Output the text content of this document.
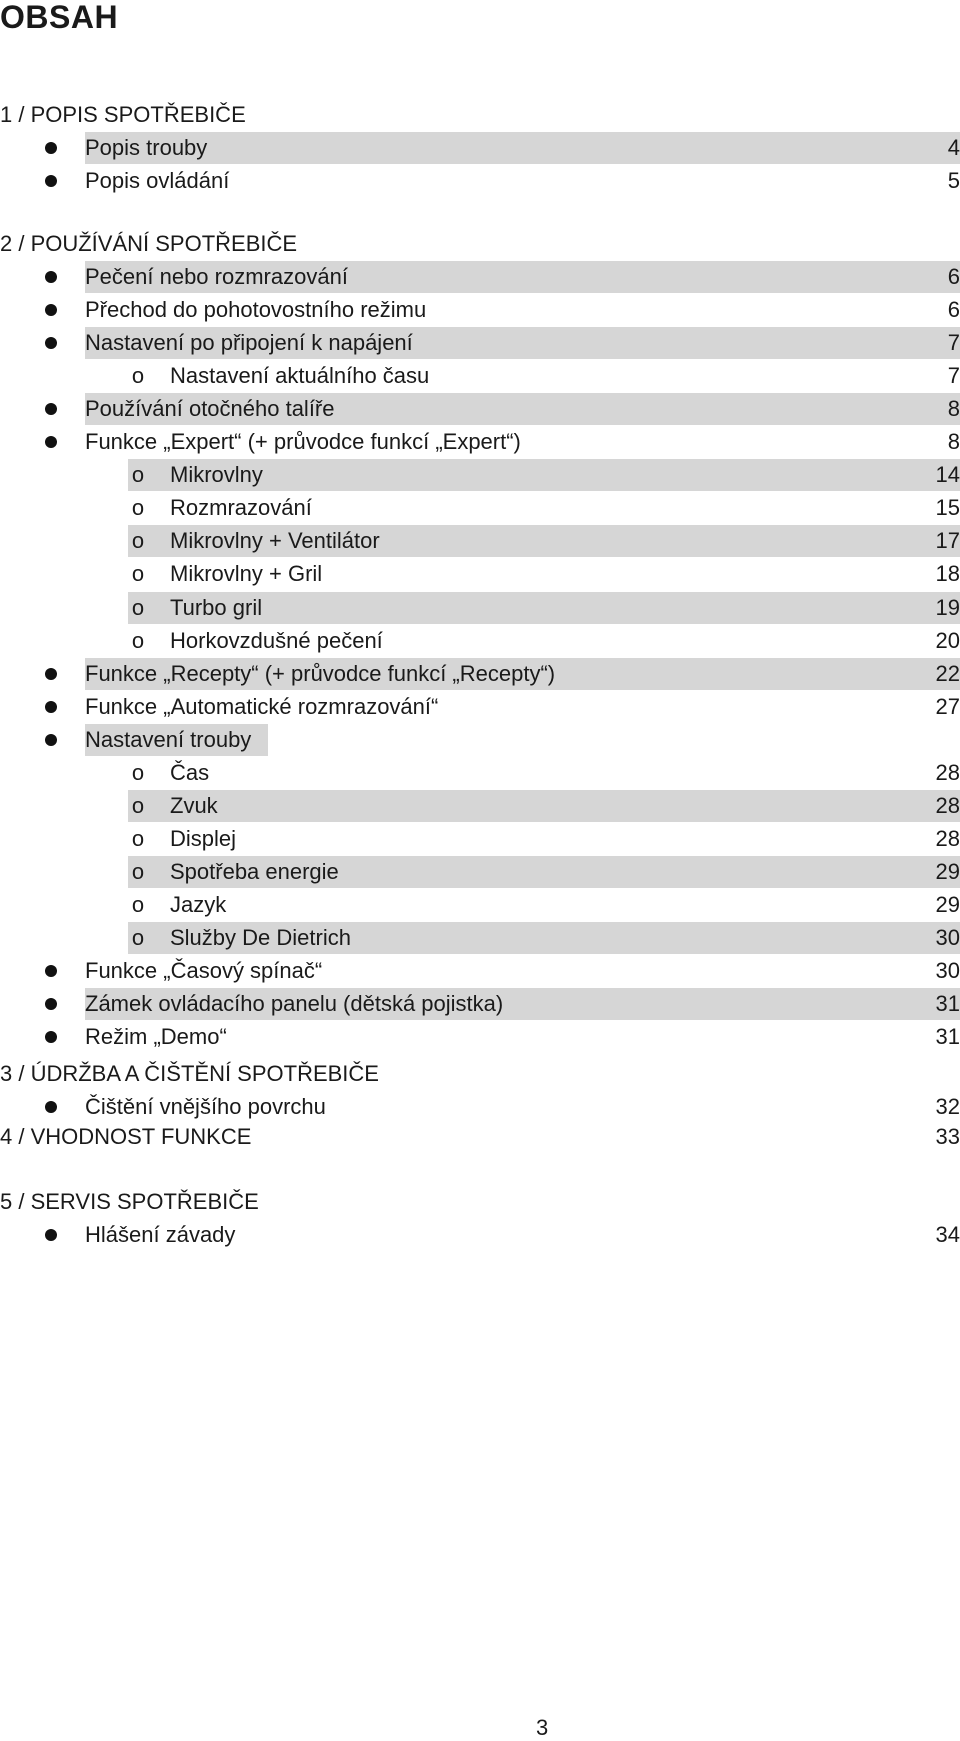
OBSAH
1 / POPIS SPOTŘEBIČE
Popis trouby	4
Popis ovládání	5
2 / POUŽÍVÁNÍ SPOTŘEBIČE
Pečení nebo rozmrazování	6
Přechod do pohotovostního režimu	6
Nastavení po připojení k napájení	7
o Nastavení aktuálního času	7
Používání otočného talíře	8
Funkce „Expert“ (+ průvodce funkcí „Expert“)	8
o Mikrovlny	14
o Rozmrazování	15
o Mikrovlny + Ventilátor	17
o Mikrovlny + Gril	18
o Turbo gril	19
o Horkovzdušné pečení	20
Funkce „Recepty“ (+ průvodce funkcí „Recepty“)	22
Funkce „Automatické rozmrazování“	27
Nastavení trouby
o Čas	28
o Zvuk	28
o Displej	28
o Spotřeba energie	29
o Jazyk	29
o Služby De Dietrich	30
Funkce „Časový spínač“	30
Zámek ovládacího panelu (dětská pojistka)	31
Režim „Demo“	31
3 / ÚDRŽBA A ČIŠTĚNÍ SPOTŘEBIČE
Čištění vnějšího povrchu	32
4 / VHODNOST FUNKCE	33
5 / SERVIS SPOTŘEBIČE
Hlášení závady	34
3
